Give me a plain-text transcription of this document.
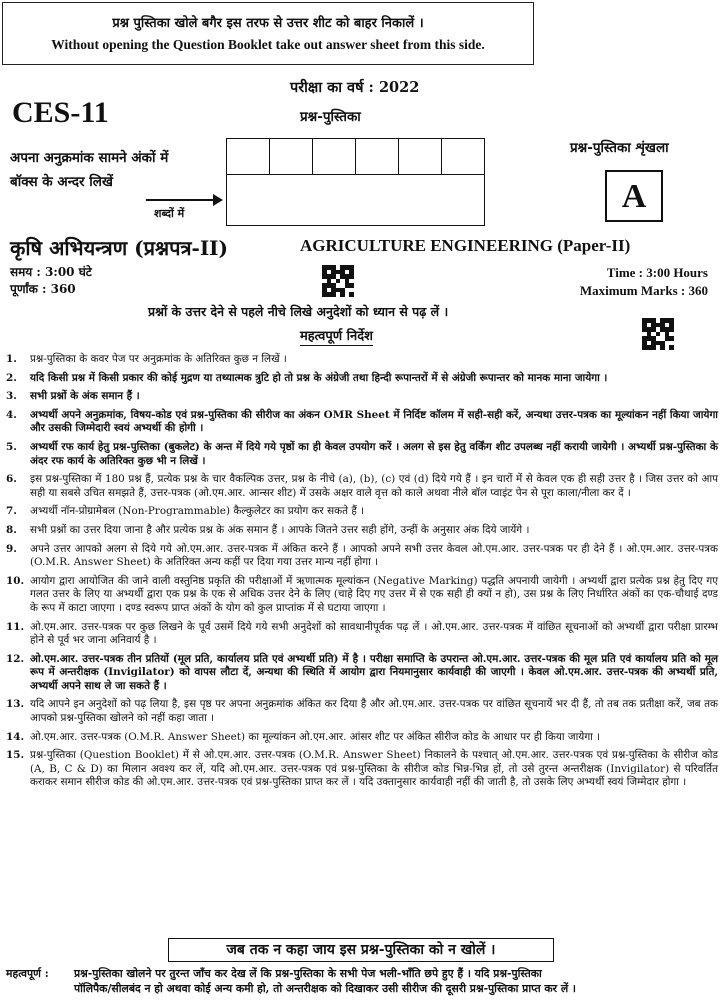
प्रश्न पुस्तिका खोले बगैर इस तरफ से उत्तर शीट को बाहर निकालें ।
Without opening the Question Booklet take out answer sheet from this side.
परीक्षा का वर्ष : 2022
प्रश्न-पुस्तिका
CES-11
अपना अनुक्रमांक सामने अंकों में
बॉक्स के अन्दर लिखें
शब्दों में
प्रश्न-पुस्तिका शृंखला
A
कृषि अभियन्त्रण (प्रश्नपत्र-II)	AGRICULTURE ENGINEERING (Paper-II)
समय : 3:00 घंटे
पूर्णांक : 360
Time : 3:00 Hours
Maximum Marks : 360
प्रश्नों के उत्तर देने से पहले नीचे लिखे अनुदेशों को ध्यान से पढ़ लें ।
महत्वपूर्ण निर्देश
1.	प्रश्न-पुस्तिका के कवर पेज पर अनुक्रमांक के अतिरिक्त कुछ न लिखें ।
2.	यदि किसी प्रश्न में किसी प्रकार की कोई मुद्रण या तथ्यात्मक त्रुटि हो तो प्रश्न के अंग्रेजी तथा हिन्दी रूपान्तरों में से अंग्रेजी रूपान्तर को मानक माना जायेगा ।
3.	सभी प्रश्नों के अंक समान हैं ।
4.	अभ्यर्थी अपने अनुक्रमांक, विषय-कोड एवं प्रश्न-पुस्तिका की सीरीज का अंकन OMR Sheet में निर्दिष्ट कॉलम में सही-सही करें, अन्यथा उत्तर-पत्रक का मूल्यांकन नहीं किया जायेगा और उसकी जिम्मेदारी स्वयं अभ्यर्थी की होगी ।
5.	अभ्यर्थी रफ कार्य हेतु प्रश्न-पुस्तिका (बुकलेट) के अन्त में दिये गये पृष्ठों का ही केवल उपयोग करें । अलग से इस हेतु वर्किंग शीट उपलब्ध नहीं करायी जायेगी । अभ्यर्थी प्रश्न-पुस्तिका के अंदर रफ कार्य के अतिरिक्त कुछ भी न लिखें ।
6.	इस प्रश्न-पुस्तिका में 180 प्रश्न हैं, प्रत्येक प्रश्न के चार वैकल्पिक उत्तर, प्रश्न के नीचे (a), (b), (c) एवं (d) दिये गये हैं । इन चारों में से केवल एक ही सही उत्तर है । जिस उत्तर को आप सही या सबसे उचित समझते हैं, उत्तर-पत्रक (ओ.एम.आर. आन्सर शीट) में उसके अक्षर वाले वृत्त को काले अथवा नीले बॉल प्वाइंट पेन से पूरा काला/नीला कर दें ।
7.	अभ्यर्थी नॉन-प्रोग्रामेबल (Non-Programmable) कैल्कुलेटर का प्रयोग कर सकते हैं ।
8.	सभी प्रश्नों का उत्तर दिया जाना है और प्रत्येक प्रश्न के अंक समान हैं । आपके जितने उत्तर सही होंगे, उन्हीं के अनुसार अंक दिये जायेंगे ।
9.	अपने उत्तर आपको अलग से दिये गये ओ.एम.आर. उत्तर-पत्रक में अंकित करने हैं । आपको अपने सभी उत्तर केवल ओ.एम.आर. उत्तर-पत्रक पर ही देने हैं । ओ.एम.आर. उत्तर-पत्रक (O.M.R. Answer Sheet) के अतिरिक्त अन्य कहीं पर दिया गया उत्तर मान्य नहीं होगा ।
10. आयोग द्वारा आयोजित की जाने वाली वस्तुनिष्ठ प्रकृति की परीक्षाओं में ऋणात्मक मूल्यांकन (Negative Marking) पद्धति अपनायी जायेगी । अभ्यर्थी द्वारा प्रत्येक प्रश्न हेतु दिए गए गलत उत्तर के लिए या अभ्यर्थी द्वारा एक प्रश्न के एक से अधिक उत्तर देने के लिए (चाहे दिए गए उत्तर में से एक सही ही क्यों न हो), उस प्रश्न के लिए निर्धारित अंकों का एक-चौथाई दण्ड के रूप में काटा जाएगा । दण्ड स्वरूप प्राप्त अंकों के योग को कुल प्राप्तांक में से घटाया जाएगा ।
11. ओ.एम.आर. उत्तर-पत्रक पर कुछ लिखने के पूर्व उसमें दिये गये सभी अनुदेशों को सावधानीपूर्वक पढ़ लें । ओ.एम.आर. उत्तर-पत्रक में वांछित सूचनाओं को अभ्यर्थी द्वारा परीक्षा प्रारम्भ होने से पूर्व भर जाना अनिवार्य है ।
12. ओ.एम.आर. उत्तर-पत्रक तीन प्रतियों (मूल प्रति, कार्यालय प्रति एवं अभ्यर्थी प्रति) में है । परीक्षा समाप्ति के उपरान्त ओ.एम.आर. उत्तर-पत्रक की मूल प्रति एवं कार्यालय प्रति को मूल रूप में अन्तरीक्षक (Invigilator) को वापस लौटा दें, अन्यथा की स्थिति में आयोग द्वारा नियमानुसार कार्यवाही की जाएगी । केवल ओ.एम.आर. उत्तर-पत्रक की अभ्यर्थी प्रति, अभ्यर्थी अपने साथ ले जा सकते हैं ।
13. यदि आपने इन अनुदेशों को पढ़ लिया है, इस पृष्ठ पर अपना अनुक्रमांक अंकित कर दिया है और ओ.एम.आर. उत्तर-पत्रक पर वांछित सूचनायें भर दी हैं, तो तब तक प्रतीक्षा करें, जब तक आपको प्रश्न-पुस्तिका खोलने को नहीं कहा जाता ।
14. ओ.एम.आर. उत्तर-पत्रक (O.M.R. Answer Sheet) का मूल्यांकन ओ.एम.आर. आंसर शीट पर अंकित सीरीज कोड के आधार पर ही किया जायेगा ।
15. प्रश्न-पुस्तिका (Question Booklet) में से ओ.एम.आर. उत्तर-पत्रक (O.M.R. Answer Sheet) निकालने के पश्चात् ओ.एम.आर. उत्तर-पत्रक एवं प्रश्न-पुस्तिका के सीरीज कोड (A, B, C & D) का मिलान अवश्य कर लें, यदि ओ.एम.आर. उत्तर-पत्रक एवं प्रश्न-पुस्तिका के सीरीज कोड भिन्न-भिन्न हों, तो उसे तुरन्त अन्तरीक्षक (Invigilator) से परिवर्तित कराकर समान सीरीज कोड की ओ.एम.आर. उत्तर-पत्रक एवं प्रश्न-पुस्तिका प्राप्त कर लें । यदि उक्तानुसार कार्यवाही नहीं की जाती है, तो उसके लिए अभ्यर्थी स्वयं जिम्मेदार होगा ।
जब तक न कहा जाय इस प्रश्न-पुस्तिका को न खोलें ।
महत्वपूर्ण : प्रश्न-पुस्तिका खोलने पर तुरन्त जाँच कर देख लें कि प्रश्न-पुस्तिका के सभी पेज भली-भाँति छपे हुए हैं । यदि प्रश्न-पुस्तिका
पॉलिपैक/सीलबंद न हो अथवा कोई अन्य कमी हो, तो अन्तरीक्षक को दिखाकर उसी सीरीज की दूसरी प्रश्न-पुस्तिका प्राप्त कर लें ।
